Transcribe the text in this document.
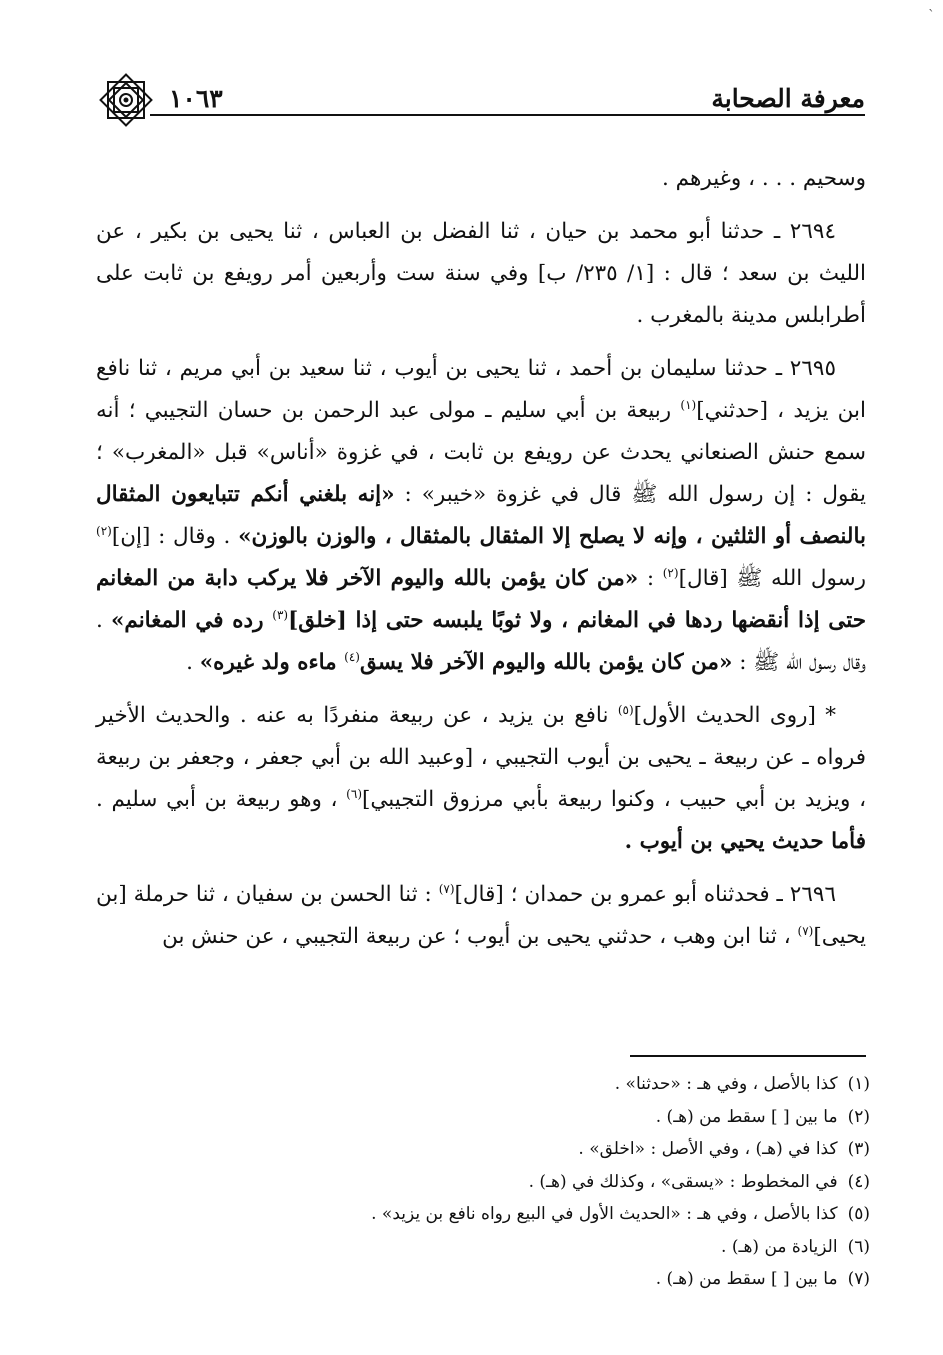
`
معرفة الصحابة
١٠٦٣

وسحيم . . . ، وغيرهم .

٢٦٩٤ ـ حدثنا أبو محمد بن حيان ، ثنا الفضل بن العباس ، ثنا يحيى بن بكير ، عن الليث بن سعد ؛ قال : [١/ ٢٣٥/ ب] وفي سنة ست وأربعين أمر رويفع بن ثابت على أطرابلس مدينة بالمغرب .

٢٦٩٥ ـ حدثنا سليمان بن أحمد ، ثنا يحيى بن أيوب ، ثنا سعيد بن أبي مريم ، ثنا نافع ابن يزيد ، [حدثني]$^{(١)}$ ربيعة بن أبي سليم ـ مولى عبد الرحمن بن حسان التجيبي ؛ أنه سمع حنش الصنعاني يحدث عن رويفع بن ثابت ، في غزوة «أناس» قبل «المغرب» ؛ يقول : إن رسول الله ﷺ قال في غزوة «خيبر» : «إنه بلغني أنكم تتبايعون المثقال بالنصف أو الثلثين ، وإنه لا يصلح إلا المثقال بالمثقال ، والوزن بالوزن» . وقال : [إن]$^{(٢)}$ رسول الله ﷺ [قال]$^{(٢)}$ : «من كان يؤمن بالله واليوم الآخر فلا يركب دابة من المغانم حتى إذا أنقضها ردها في المغانم ، ولا ثوبًا يلبسه حتى إذا [خلق]$^{(٣)}$ رده في المغانم» . وقال رسول الله ﷺ : «من كان يؤمن بالله واليوم الآخر فلا يسق$^{(٤)}$ ماءه ولد غيره» .

* [روى الحديث الأول]$^{(٥)}$ نافع بن يزيد ، عن ربيعة منفردًا به عنه . والحديث الأخير فرواه ـ عن ربيعة ـ يحيى بن أيوب التجيبي ، [وعبيد الله بن أبي جعفر ، وجعفر بن ربيعة ، ويزيد بن أبي حبيب ، وكنوا ربيعة بأبي مرزوق التجيبي]$^{(٦)}$ ، وهو ربيعة بن أبي سليم . فأما حديث يحيي بن أيوب .

٢٦٩٦ ـ فحدثناه أبو عمرو بن حمدان ؛ [قال]$^{(٧)}$ : ثنا الحسن بن سفيان ، ثنا حرملة [بن يحيى]$^{(٧)}$ ، ثنا ابن وهب ، حدثني يحيى بن أيوب ؛ عن ربيعة التجيبي ، عن حنش بن

(١)كذا بالأصل ، وفي هـ : «حدثنا» .

(٢)ما بين [ ] سقط من (هـ) .

(٣)كذا في (هـ) ، وفي الأصل : «اخلق» .

(٤)في المخطوط : «يسقى» ، وكذلك في (هـ) .

(٥)كذا بالأصل ، وفي هـ : «الحديث الأول في البيع رواه نافع بن يزيد» .

(٦)الزيادة من (هـ) .

(٧)ما بين [ ] سقط من (هـ) .
